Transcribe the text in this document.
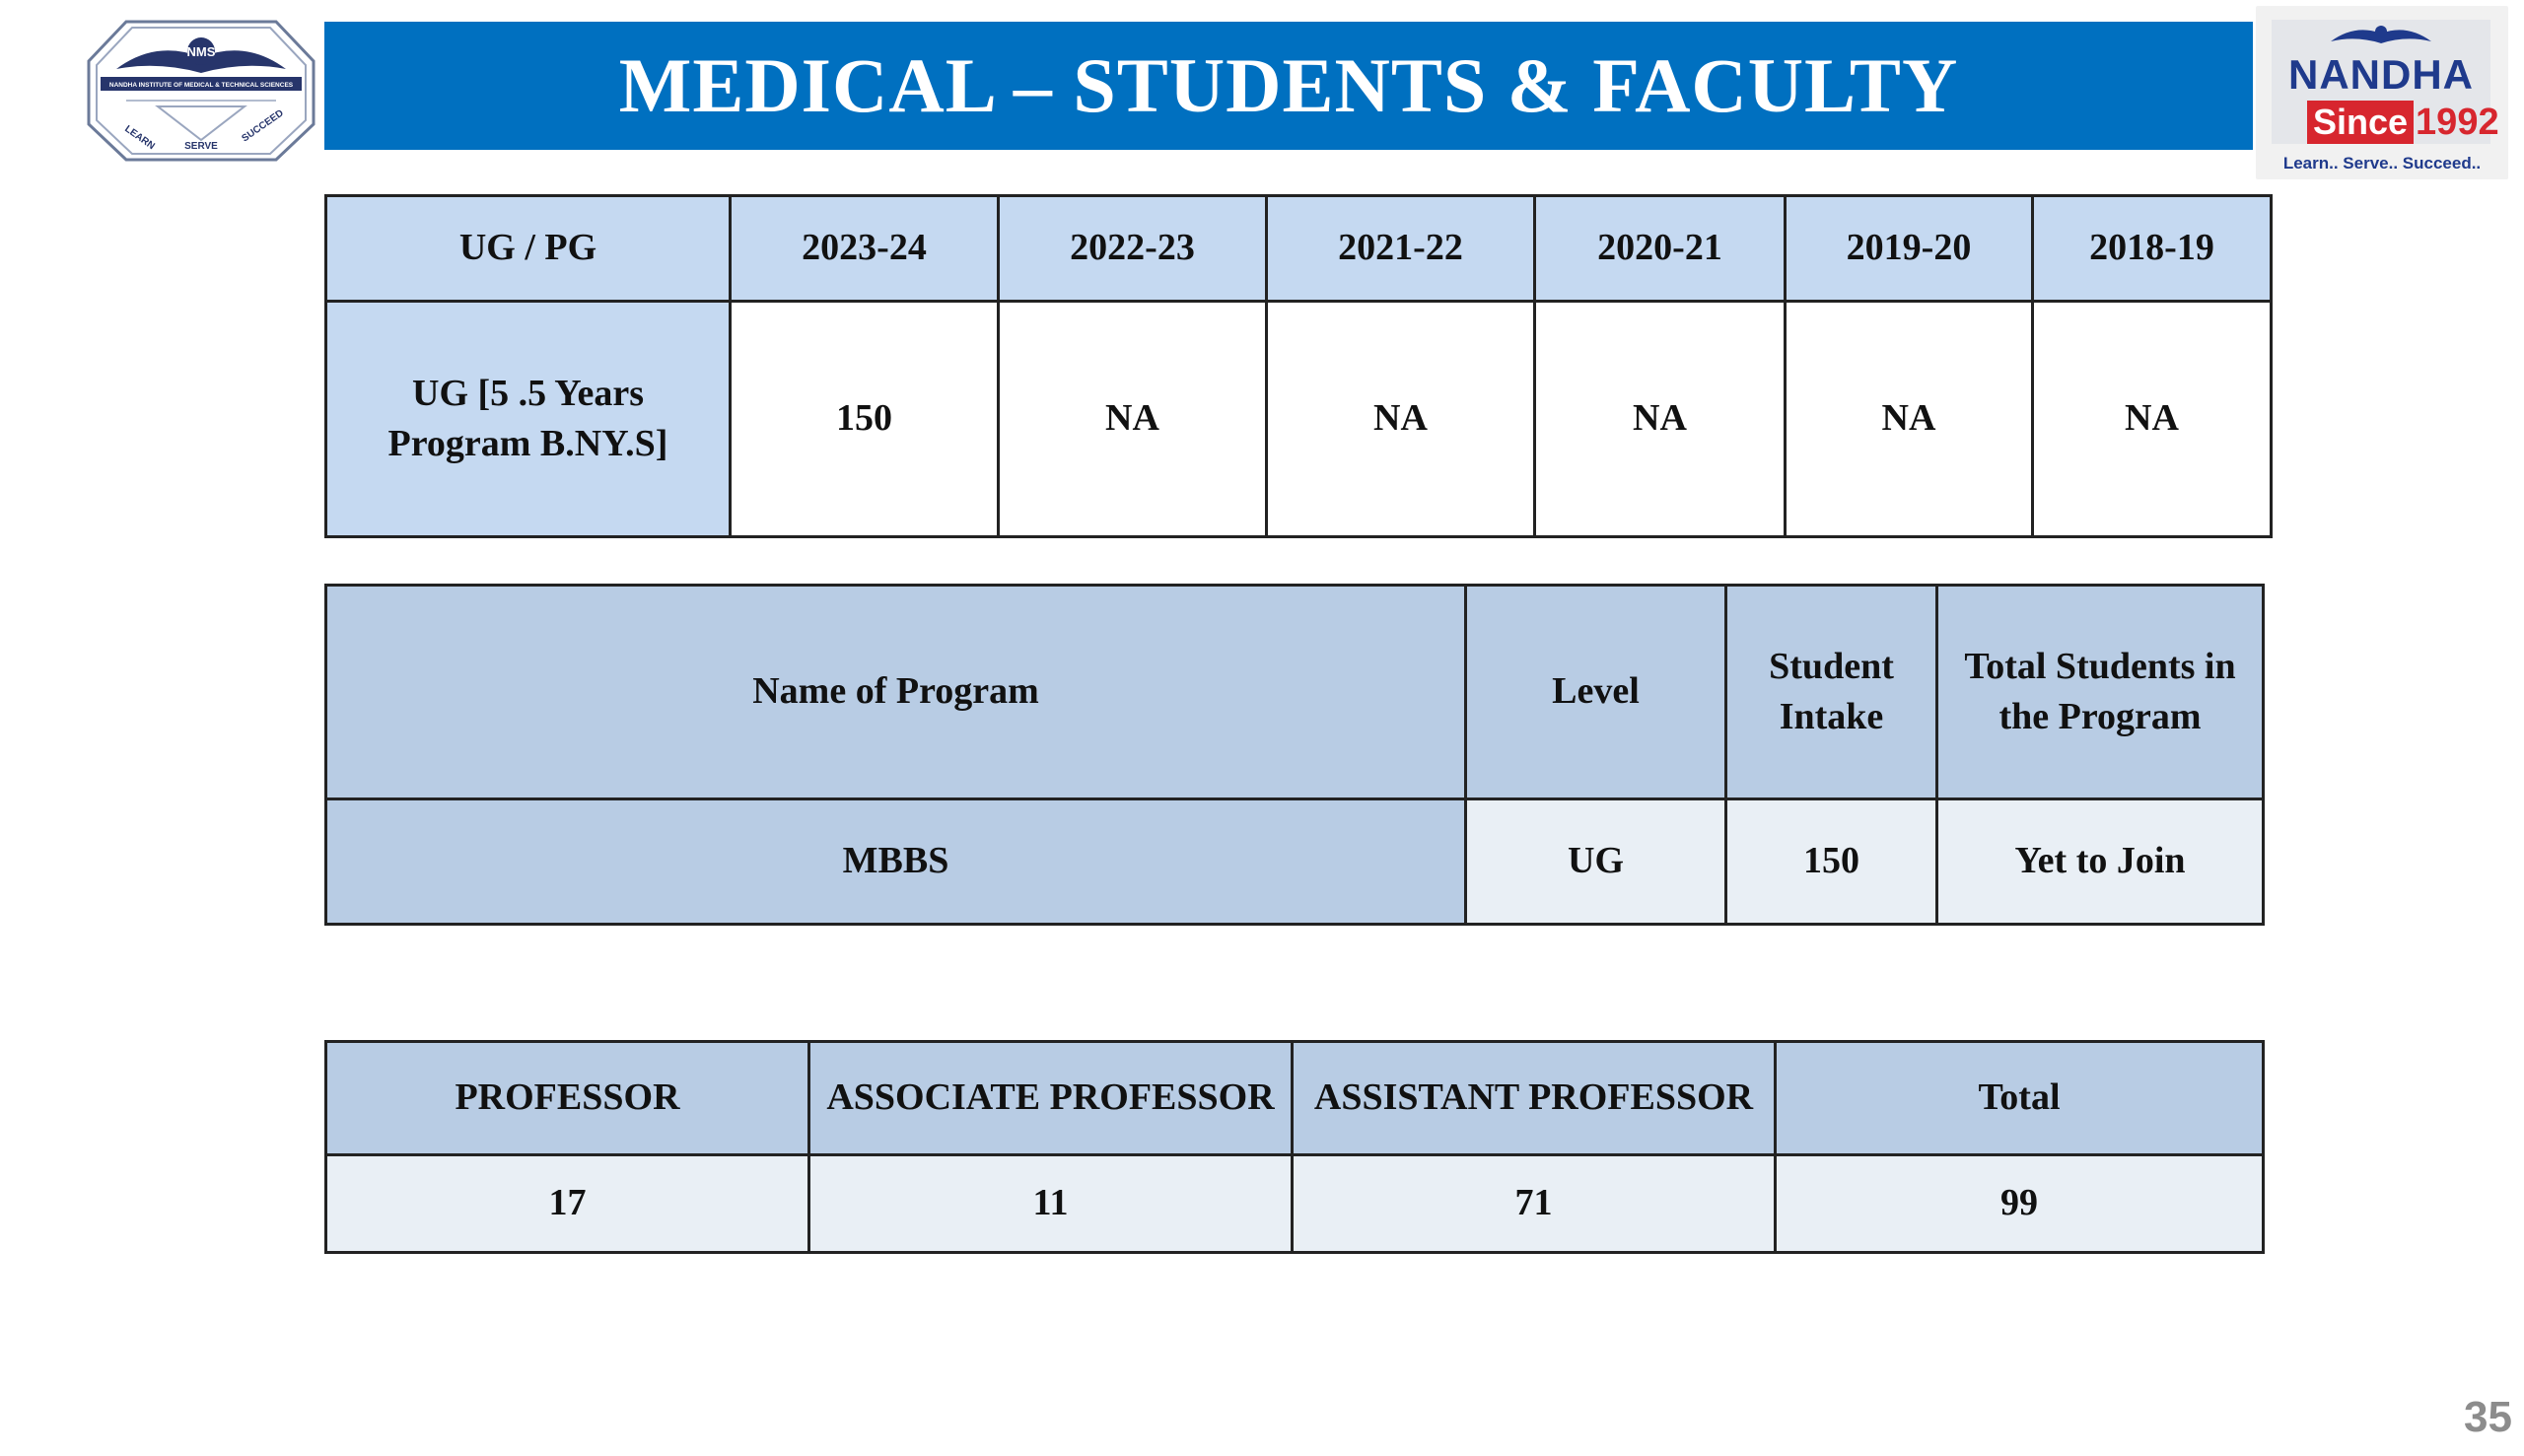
NMS
NANDHA INSTITUTE OF MEDICAL & TECHNICAL SCIENCES
LEARN	SERVE
SUCCEED	MEDICAL – STUDENTS & FACULTY	NANDHA
Since 1992
Learn.. Serve.. Succeed..
UG / PG	2023-24	2022-23	2021-22	2020-21	2019-20	2018-19
UG [5 .5 Years
Program B.NY.S]	150	NA	NA	NA	NA	NA
Name of Program	Level	Student Intake	Total Students in the Program
MBBS	UG	150	Yet to Join
PROFESSOR	ASSOCIATE PROFESSOR	ASSISTANT PROFESSOR	Total
17	11	71	99
35
